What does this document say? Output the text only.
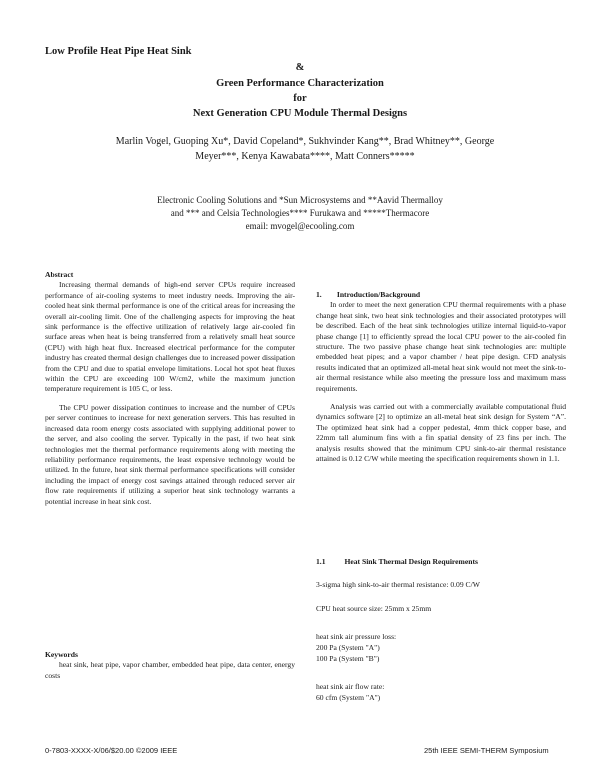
Low Profile Heat Pipe Heat Sink
&
Green Performance Characterization
for
Next Generation CPU Module Thermal Designs
Marlin Vogel, Guoping Xu*, David Copeland*, Sukhvinder Kang**, Brad Whitney**, George
Meyer***, Kenya Kawabata****, Matt Conners*****
Electronic Cooling Solutions and *Sun Microsystems and **Aavid Thermalloy
and *** and Celsia Technologies**** Furukawa and *****Thermacore
email: mvogel@ecooling.com
Abstract

Increasing thermal demands of high-end server CPUs require increased performance of air-cooling systems to meet industry needs. Improving the air-cooled heat sink thermal performance is one of the critical areas for increasing the overall air-cooling limit. One of the challenging aspects for improving the heat sink performance is the effective utilization of relatively large air-cooled fin surface areas when heat is being transferred from a relatively small heat source (CPU) with high heat flux. Increased electrical performance for the computer industry has created thermal design challenges due to increased power dissipation from the CPU and due to spatial envelope limitations. Local hot spot heat fluxes within the CPU are exceeding 100 W/cm2, while the maximum junction temperature requirement is 105 C, or less.

The CPU power dissipation continues to increase and the number of CPUs per server continues to increase for next generation servers. This has resulted in increased data room energy costs associated with supplying additional power to the server, and also cooling the server. Typically in the past, if two heat sink technologies met the thermal performance requirements along with meeting the reliability performance requirements, the least expensive technology would be utilized. In the future, heat sink thermal performance specifications will consider including the impact of energy cost savings attained through reduced server air flow rate requirements if utilizing a superior heat sink technology warrants a potential increase in heat sink cost.

Keywords

heat sink, heat pipe, vapor chamber, embedded heat pipe, data center, energy costs

1.        Introduction/Background

In order to meet the next generation CPU thermal requirements with a phase change heat sink, two heat sink technologies and their associated prototypes will be described. Each of the heat sink technologies utilize internal liquid-to-vapor phase change [1] to efficiently spread the local CPU power to the air-cooled fin structure. The two passive phase change heat sink technologies are: multiple embedded heat pipes; and a vapor chamber / heat pipe design. CFD analysis results indicated that an optimized all-metal heat sink would not meet the sink-to-air thermal resistance while also meeting the pressure loss and maximum mass requirements.

Analysis was carried out with a commercially available computational fluid dynamics software [2] to optimize an all-metal heat sink design for System “A”. The optimized heat sink had a copper pedestal, 4mm thick copper base, and 22mm tall aluminum fins with a fin spatial density of 23 fins per inch. The analysis results showed that the minimum CPU sink-to-air thermal resistance attained is 0.12 C/W while meeting the specification requirements shown in 1.1.

1.1          Heat Sink Thermal Design Requirements
3-sigma high sink-to-air thermal resistance: 0.09 C/W
CPU heat source size: 25mm x 25mm
heat sink air pressure loss:
200 Pa (System "A")
100 Pa (System "B")
heat sink air flow rate:
60 cfm (System "A")
0-7803-XXXX-X/06/$20.00 ©2009 IEEE	25th IEEE SEMI-THERM Symposium
